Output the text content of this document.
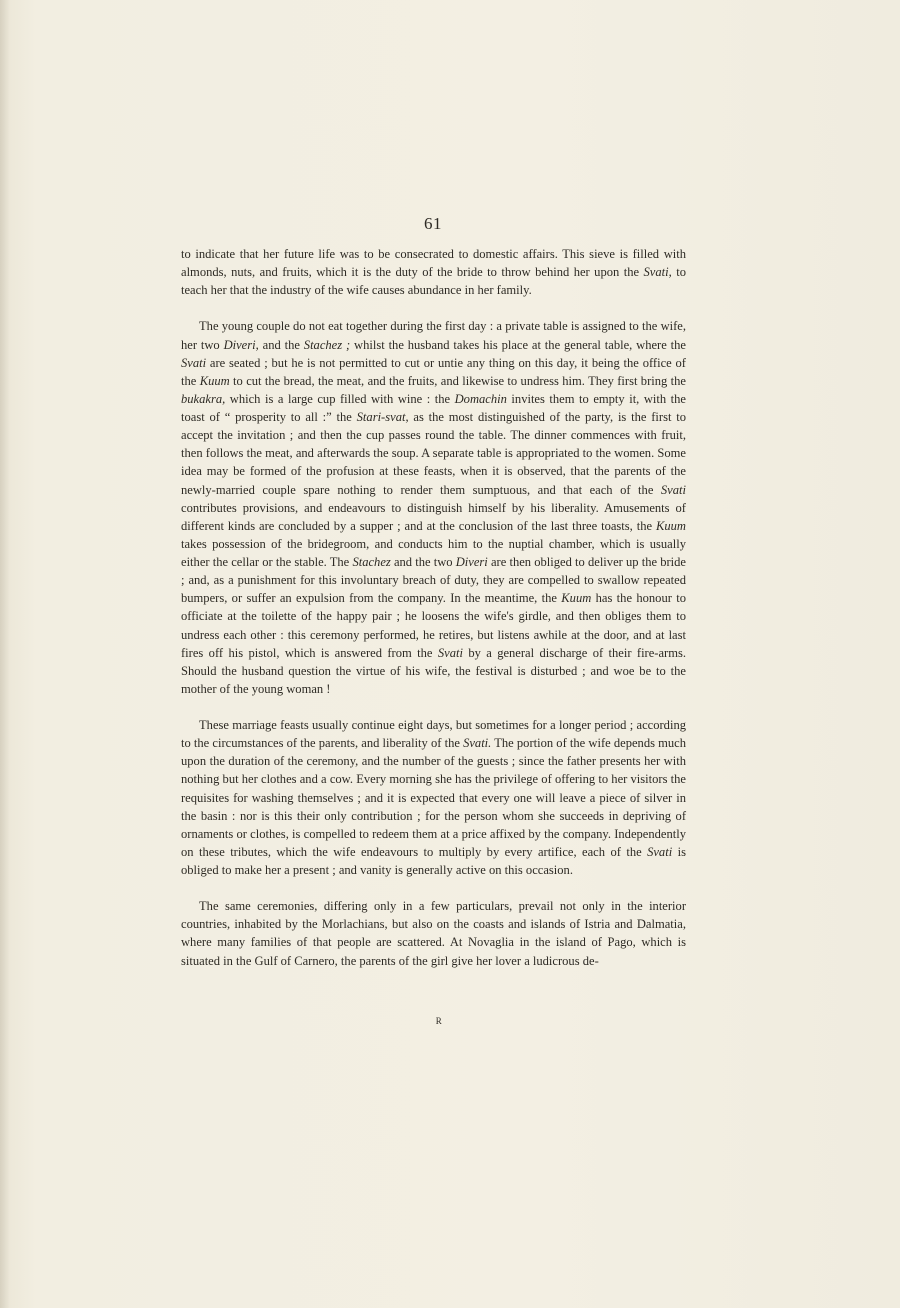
61

to indicate that her future life was to be consecrated to domestic affairs. This sieve is filled with almonds, nuts, and fruits, which it is the duty of the bride to throw behind her upon the Svati, to teach her that the industry of the wife causes abundance in her family.

The young couple do not eat together during the first day : a private table is assigned to the wife, her two Diveri, and the Stachez ; whilst the husband takes his place at the general table, where the Svati are seated ; but he is not permitted to cut or untie any thing on this day, it being the office of the Kuum to cut the bread, the meat, and the fruits, and likewise to undress him. They first bring the bukakra, which is a large cup filled with wine : the Domachin invites them to empty it, with the toast of “ prosperity to all :” the Stari-svat, as the most distinguished of the party, is the first to accept the invitation ; and then the cup passes round the table. The dinner commences with fruit, then follows the meat, and afterwards the soup. A separate table is appropriated to the women. Some idea may be formed of the profusion at these feasts, when it is observed, that the parents of the newly-married couple spare nothing to render them sumptuous, and that each of the Svati contributes provisions, and endeavours to distinguish himself by his liberality. Amusements of different kinds are concluded by a supper ; and at the conclusion of the last three toasts, the Kuum takes possession of the bridegroom, and conducts him to the nuptial chamber, which is usually either the cellar or the stable. The Stachez and the two Diveri are then obliged to deliver up the bride ; and, as a punishment for this involuntary breach of duty, they are compelled to swallow repeated bumpers, or suffer an expulsion from the company. In the meantime, the Kuum has the honour to officiate at the toilette of the happy pair ; he loosens the wife's girdle, and then obliges them to undress each other : this ceremony performed, he retires, but listens awhile at the door, and at last fires off his pistol, which is answered from the Svati by a general discharge of their fire-arms. Should the husband question the virtue of his wife, the festival is disturbed ; and woe be to the mother of the young woman !

These marriage feasts usually continue eight days, but sometimes for a longer period ; according to the circumstances of the parents, and liberality of the Svati. The portion of the wife depends much upon the duration of the ceremony, and the number of the guests ; since the father presents her with nothing but her clothes and a cow. Every morning she has the privilege of offering to her visitors the requisites for washing themselves ; and it is expected that every one will leave a piece of silver in the basin : nor is this their only contribution ; for the person whom she succeeds in depriving of ornaments or clothes, is compelled to redeem them at a price affixed by the company. Independently on these tributes, which the wife endeavours to multiply by every artifice, each of the Svati is obliged to make her a present ; and vanity is generally active on this occasion.

The same ceremonies, differing only in a few particulars, prevail not only in the interior countries, inhabited by the Morlachians, but also on the coasts and islands of Istria and Dalmatia, where many families of that people are scattered. At Novaglia in the island of Pago, which is situated in the Gulf of Carnero, the parents of the girl give her lover a ludicrous de-

R
